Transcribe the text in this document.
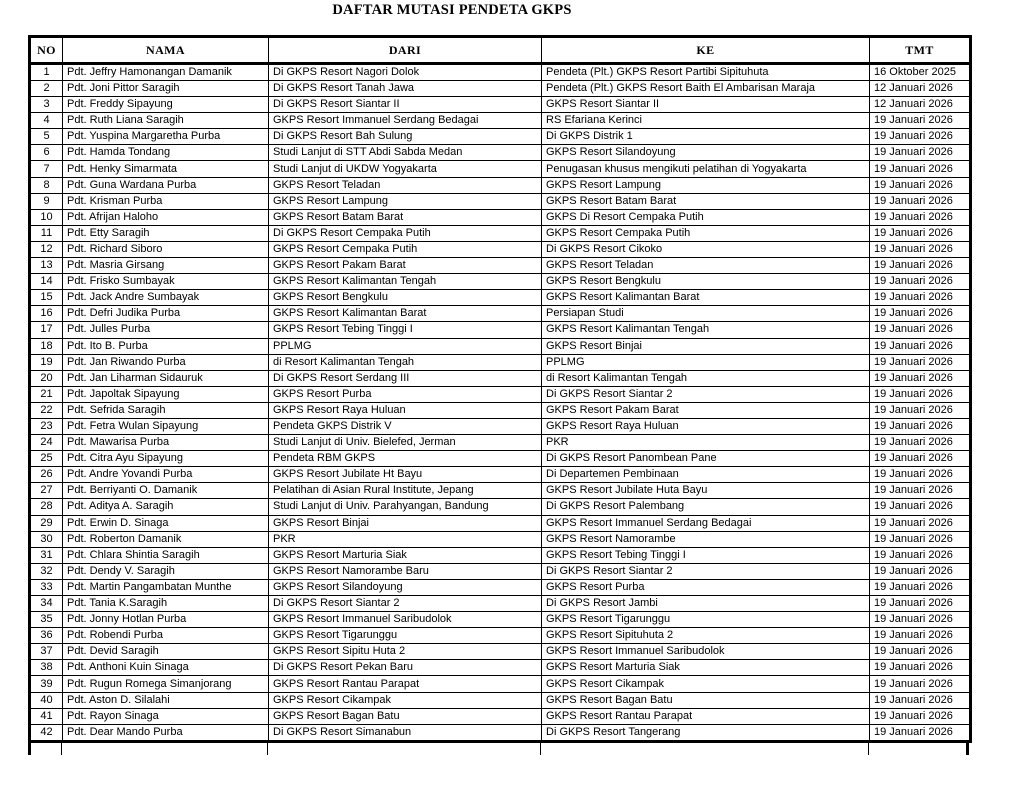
DAFTAR MUTASI PENDETA GKPS
NO	NAMA	DARI	KE	TMT
1	Pdt. Jeffry Hamonangan Damanik	Di GKPS Resort Nagori Dolok	Pendeta (Plt.) GKPS Resort Partibi Sipituhuta	16 Oktober 2025
2	Pdt. Joni Pittor Saragih	Di GKPS Resort Tanah Jawa	Pendeta (Plt.) GKPS Resort Baith El Ambarisan Maraja	12 Januari 2026
3	Pdt. Freddy Sipayung	Di GKPS Resort Siantar II	GKPS Resort Siantar II	12 Januari 2026
4	Pdt. Ruth Liana Saragih	GKPS Resort Immanuel Serdang Bedagai	RS Efariana Kerinci	19 Januari 2026
5	Pdt. Yuspina Margaretha Purba	Di GKPS Resort Bah Sulung	Di GKPS Distrik 1	19 Januari 2026
6	Pdt. Hamda Tondang	Studi Lanjut di STT Abdi Sabda Medan	GKPS Resort Silandoyung	19 Januari 2026
7	Pdt. Henky Simarmata	Studi Lanjut di UKDW Yogyakarta	Penugasan khusus mengikuti pelatihan di Yogyakarta	19 Januari 2026
8	Pdt. Guna Wardana Purba	GKPS Resort Teladan	GKPS Resort Lampung	19 Januari 2026
9	Pdt. Krisman Purba	GKPS Resort Lampung	GKPS Resort Batam Barat	19 Januari 2026
10	Pdt. Afrijan Haloho	GKPS Resort Batam Barat	GKPS Di Resort Cempaka Putih	19 Januari 2026
11	Pdt. Etty Saragih	Di GKPS Resort Cempaka Putih	GKPS Resort Cempaka Putih	19 Januari 2026
12	Pdt. Richard Siboro	GKPS Resort Cempaka Putih	Di GKPS Resort Cikoko	19 Januari 2026
13	Pdt. Masria Girsang	GKPS Resort Pakam Barat	GKPS Resort Teladan	19 Januari 2026
14	Pdt. Frisko Sumbayak	GKPS Resort Kalimantan Tengah	GKPS Resort Bengkulu	19 Januari 2026
15	Pdt. Jack Andre Sumbayak	GKPS Resort Bengkulu	GKPS Resort Kalimantan Barat	19 Januari 2026
16	Pdt. Defri Judika Purba	GKPS Resort Kalimantan Barat	Persiapan Studi	19 Januari 2026
17	Pdt. Julles Purba	GKPS Resort Tebing Tinggi I	GKPS Resort Kalimantan Tengah	19 Januari 2026
18	Pdt. Ito B. Purba	PPLMG	GKPS Resort Binjai	19 Januari 2026
19	Pdt. Jan Riwando Purba	di Resort Kalimantan Tengah	PPLMG	19 Januari 2026
20	Pdt. Jan Liharman Sidauruk	Di GKPS Resort Serdang III	di Resort Kalimantan Tengah	19 Januari 2026
21	Pdt. Japoltak Sipayung	GKPS Resort Purba	Di GKPS Resort Siantar 2	19 Januari 2026
22	Pdt. Sefrida Saragih	GKPS Resort Raya Huluan	GKPS Resort Pakam Barat	19 Januari 2026
23	Pdt. Fetra Wulan Sipayung	Pendeta GKPS Distrik V	GKPS Resort Raya Huluan	19 Januari 2026
24	Pdt. Mawarisa Purba	Studi Lanjut di Univ. Bielefed, Jerman	PKR	19 Januari 2026
25	Pdt. Citra Ayu Sipayung	Pendeta RBM GKPS	Di GKPS Resort Panombean Pane	19 Januari 2026
26	Pdt. Andre Yovandi Purba	GKPS Resort Jubilate Ht Bayu	Di Departemen Pembinaan	19 Januari 2026
27	Pdt. Berriyanti O. Damanik	Pelatihan di Asian Rural Institute, Jepang	GKPS Resort Jubilate Huta Bayu	19 Januari 2026
28	Pdt. Aditya A. Saragih	Studi Lanjut di Univ. Parahyangan, Bandung	Di GKPS Resort Palembang	19 Januari 2026
29	Pdt. Erwin D. Sinaga	GKPS Resort Binjai	GKPS Resort Immanuel Serdang Bedagai	19 Januari 2026
30	Pdt. Roberton Damanik	PKR	GKPS Resort Namorambe	19 Januari 2026
31	Pdt. Chlara Shintia Saragih	GKPS Resort Marturia Siak	GKPS Resort Tebing Tinggi I	19 Januari 2026
32	Pdt. Dendy V. Saragih	GKPS Resort Namorambe Baru	Di GKPS Resort Siantar 2	19 Januari 2026
33	Pdt. Martin Pangambatan Munthe	GKPS Resort Silandoyung	GKPS Resort Purba	19 Januari 2026
34	Pdt. Tania K.Saragih	Di GKPS Resort Siantar 2	Di GKPS Resort Jambi	19 Januari 2026
35	Pdt. Jonny Hotlan Purba	GKPS Resort Immanuel Saribudolok	GKPS Resort Tigarunggu	19 Januari 2026
36	Pdt. Robendi Purba	GKPS Resort Tigarunggu	GKPS Resort Sipituhuta 2	19 Januari 2026
37	Pdt. Devid Saragih	GKPS Resort Sipitu Huta 2	GKPS Resort Immanuel Saribudolok	19 Januari 2026
38	Pdt. Anthoni Kuin Sinaga	Di GKPS Resort Pekan Baru	GKPS Resort Marturia Siak	19 Januari 2026
39	Pdt. Rugun Romega Simanjorang	GKPS Resort Rantau Parapat	GKPS Resort Cikampak	19 Januari 2026
40	Pdt. Aston D. Silalahi	GKPS Resort Cikampak	GKPS Resort Bagan Batu	19 Januari 2026
41	Pdt. Rayon Sinaga	GKPS Resort Bagan Batu	GKPS Resort Rantau Parapat	19 Januari 2026
42	Pdt. Dear Mando Purba	Di GKPS Resort Simanabun	Di GKPS Resort Tangerang	19 Januari 2026
